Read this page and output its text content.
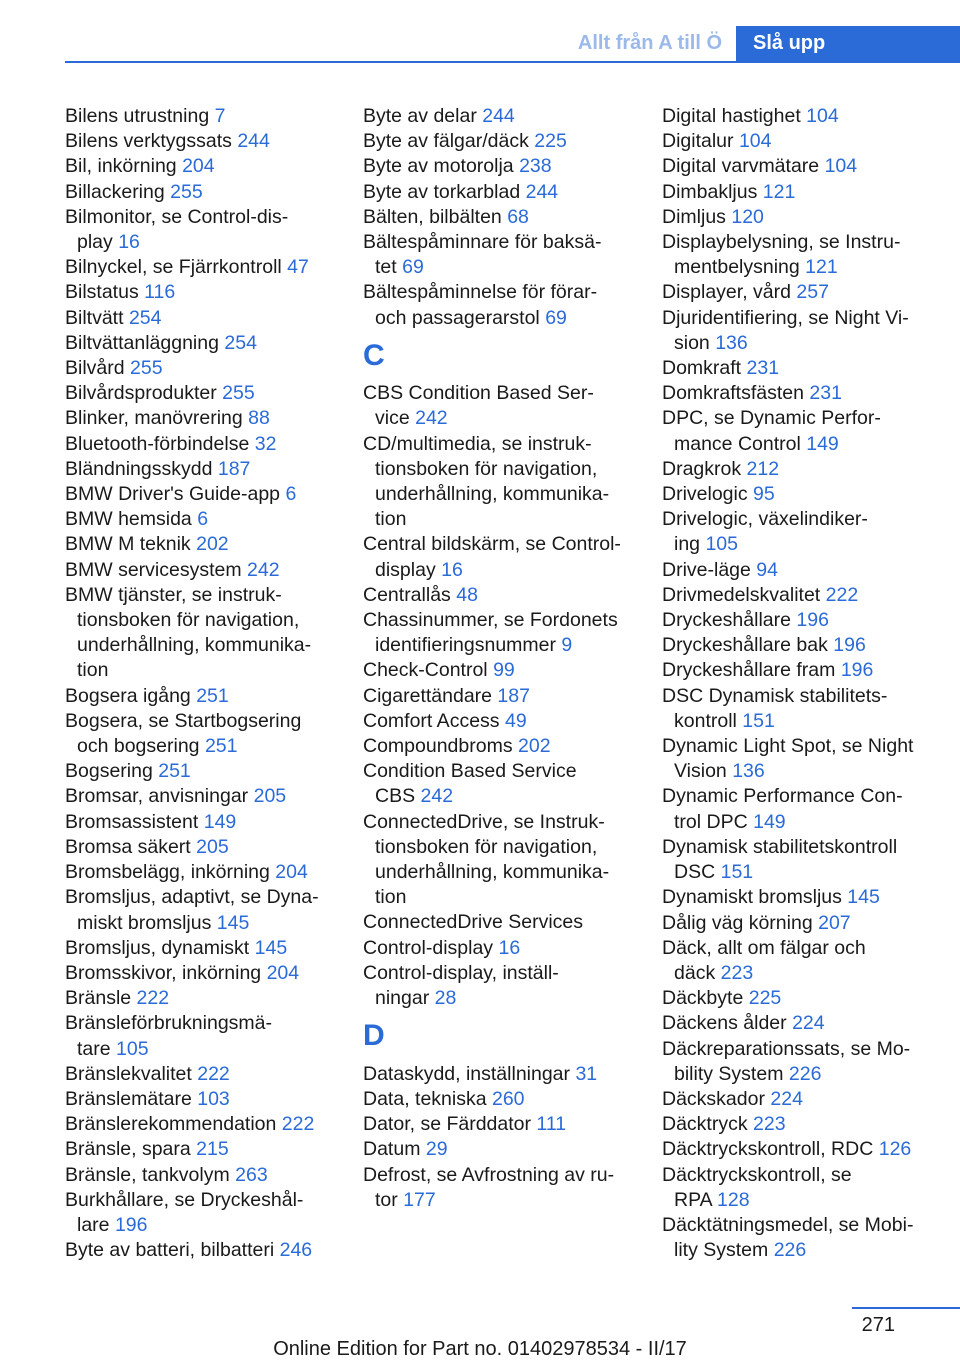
Allt från A till Ö	Slå upp
Bilens utrustning 7
Bilens verktygssats 244
Bil, inkörning 204
Billackering 255
Bilmonitor, se Control-dis-
play 16
Bilnyckel, se Fjärrkontroll 47
Bilstatus 116
Biltvätt 254
Biltvättanläggning 254
Bilvård 255
Bilvårdsprodukter 255
Blinker, manövrering 88
Bluetooth-förbindelse 32
Bländningsskydd 187
BMW Driver's Guide-app 6
BMW hemsida 6
BMW M teknik 202
BMW servicesystem 242
BMW tjänster, se instruk-
tionsboken för navigation,
underhållning, kommunika-
tion
Bogsera igång 251
Bogsera, se Startbogsering
och bogsering 251
Bogsering 251
Bromsar, anvisningar 205
Bromsassistent 149
Bromsa säkert 205
Bromsbelägg, inkörning 204
Bromsljus, adaptivt, se Dyna-
miskt bromsljus 145
Bromsljus, dynamiskt 145
Bromsskivor, inkörning 204
Bränsle 222
Bränsleförbrukningsmä-
tare 105
Bränslekvalitet 222
Bränslemätare 103
Bränslerekommendation 222
Bränsle, spara 215
Bränsle, tankvolym 263
Burkhållare, se Dryckeshål-
lare 196
Byte av batteri, bilbatteri 246
Byte av delar 244
Byte av fälgar/däck 225
Byte av motorolja 238
Byte av torkarblad 244
Bälten, bilbälten 68
Bältespåminnare för baksä-
tet 69
Bältespåminnelse för förar-
och passagerarstol 69
C
CBS Condition Based Ser-
vice 242
CD/multimedia, se instruk-
tionsboken för navigation,
underhållning, kommunika-
tion
Central bildskärm, se Control-
display 16
Centrallås 48
Chassinummer, se Fordonets
identifieringsnummer 9
Check-Control 99
Cigarettändare 187
Comfort Access 49
Compoundbroms 202
Condition Based Service
CBS 242
ConnectedDrive, se Instruk-
tionsboken för navigation,
underhållning, kommunika-
tion
ConnectedDrive Services
Control-display 16
Control-display, inställ-
ningar 28
D
Dataskydd, inställningar 31
Data, tekniska 260
Dator, se Färddator 111
Datum 29
Defrost, se Avfrostning av ru-
tor 177
Digital hastighet 104
Digitalur 104
Digital varvmätare 104
Dimbakljus 121
Dimljus 120
Displaybelysning, se Instru-
mentbelysning 121
Displayer, vård 257
Djuridentifiering, se Night Vi-
sion 136
Domkraft 231
Domkraftsfästen 231
DPC, se Dynamic Perfor-
mance Control 149
Dragkrok 212
Drivelogic 95
Drivelogic, växelindiker-
ing 105
Drive-läge 94
Drivmedelskvalitet 222
Dryckeshållare 196
Dryckeshållare bak 196
Dryckeshållare fram 196
DSC Dynamisk stabilitets-
kontroll 151
Dynamic Light Spot, se Night
Vision 136
Dynamic Performance Con-
trol DPC 149
Dynamisk stabilitetskontroll
DSC 151
Dynamiskt bromsljus 145
Dålig väg körning 207
Däck, allt om fälgar och
däck 223
Däckbyte 225
Däckens ålder 224
Däckreparationssats, se Mo-
bility System 226
Däckskador 224
Däcktryck 223
Däcktryckskontroll, RDC 126
Däcktryckskontroll, se
RPA 128
Däcktätningsmedel, se Mobi-
lity System 226
271
Online Edition for Part no. 01402978534 - II/17
